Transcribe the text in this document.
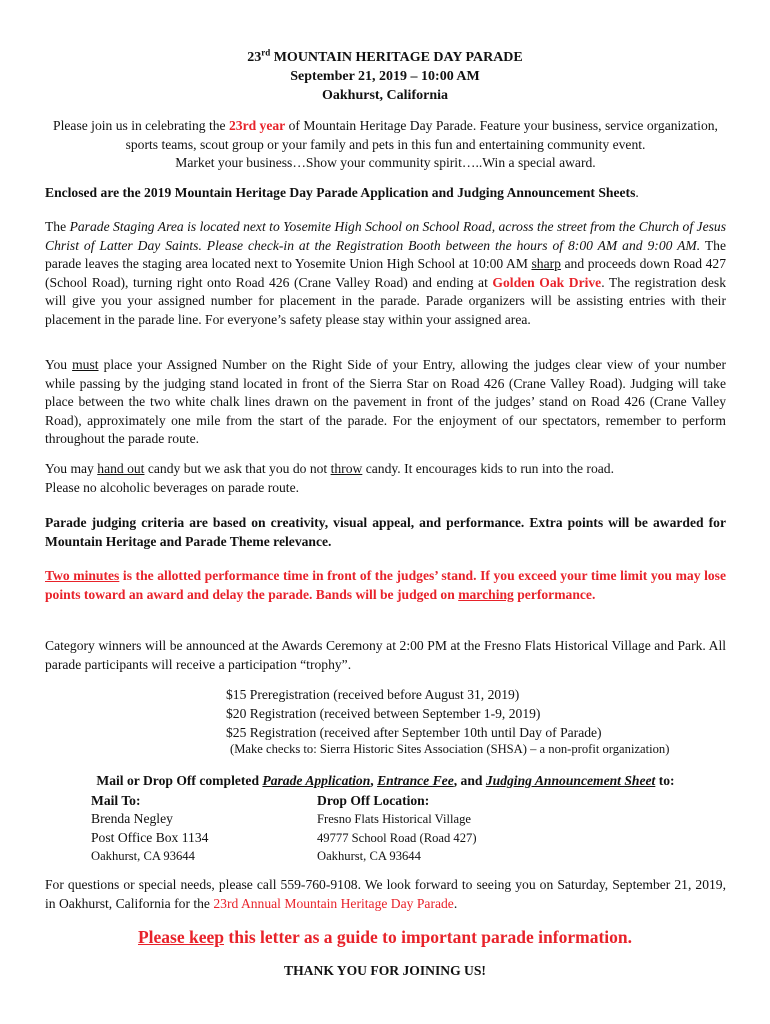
23rd MOUNTAIN HERITAGE DAY PARADE
September 21, 2019 – 10:00 AM
Oakhurst, California
Please join us in celebrating the 23rd year of Mountain Heritage Day Parade. Feature your business, service organization, sports teams, scout group or your family and pets in this fun and entertaining community event.
Market your business…Show your community spirit…..Win a special award.
Enclosed are the 2019 Mountain Heritage Day Parade Application and Judging Announcement Sheets.
The Parade Staging Area is located next to Yosemite High School on School Road, across the street from the Church of Jesus Christ of Latter Day Saints. Please check-in at the Registration Booth between the hours of 8:00 AM and 9:00 AM. The parade leaves the staging area located next to Yosemite Union High School at 10:00 AM sharp and proceeds down Road 427 (School Road), turning right onto Road 426 (Crane Valley Road) and ending at Golden Oak Drive. The registration desk will give you your assigned number for placement in the parade. Parade organizers will be assisting entries with their placement in the parade line. For everyone’s safety please stay within your assigned area.
You must place your Assigned Number on the Right Side of your Entry, allowing the judges clear view of your number while passing by the judging stand located in front of the Sierra Star on Road 426 (Crane Valley Road). Judging will take place between the two white chalk lines drawn on the pavement in front of the judges’ stand on Road 426 (Crane Valley Road), approximately one mile from the start of the parade. For the enjoyment of our spectators, remember to perform throughout the parade route.
You may hand out candy but we ask that you do not throw candy. It encourages kids to run into the road.
Please no alcoholic beverages on parade route.
Parade judging criteria are based on creativity, visual appeal, and performance. Extra points will be awarded for Mountain Heritage and Parade Theme relevance.
Two minutes is the allotted performance time in front of the judges’ stand. If you exceed your time limit you may lose points toward an award and delay the parade. Bands will be judged on marching performance.
Category winners will be announced at the Awards Ceremony at 2:00 PM at the Fresno Flats Historical Village and Park. All parade participants will receive a participation “trophy”.
$15 Preregistration (received before August 31, 2019)
$20 Registration (received between September 1-9, 2019)
$25 Registration (received after September 10th until Day of Parade)
(Make checks to: Sierra Historic Sites Association (SHSA) – a non-profit organization)
Mail or Drop Off completed Parade Application, Entrance Fee, and Judging Announcement Sheet to:
Mail To:
Brenda Negley
Post Office Box 1134
Oakhurst, CA 93644
Drop Off Location:
Fresno Flats Historical Village
49777 School Road (Road 427)
Oakhurst, CA 93644
For questions or special needs, please call 559-760-9108. We look forward to seeing you on Saturday, September 21, 2019, in Oakhurst, California for the 23rd Annual Mountain Heritage Day Parade.
Please keep this letter as a guide to important parade information.
THANK YOU FOR JOINING US!
